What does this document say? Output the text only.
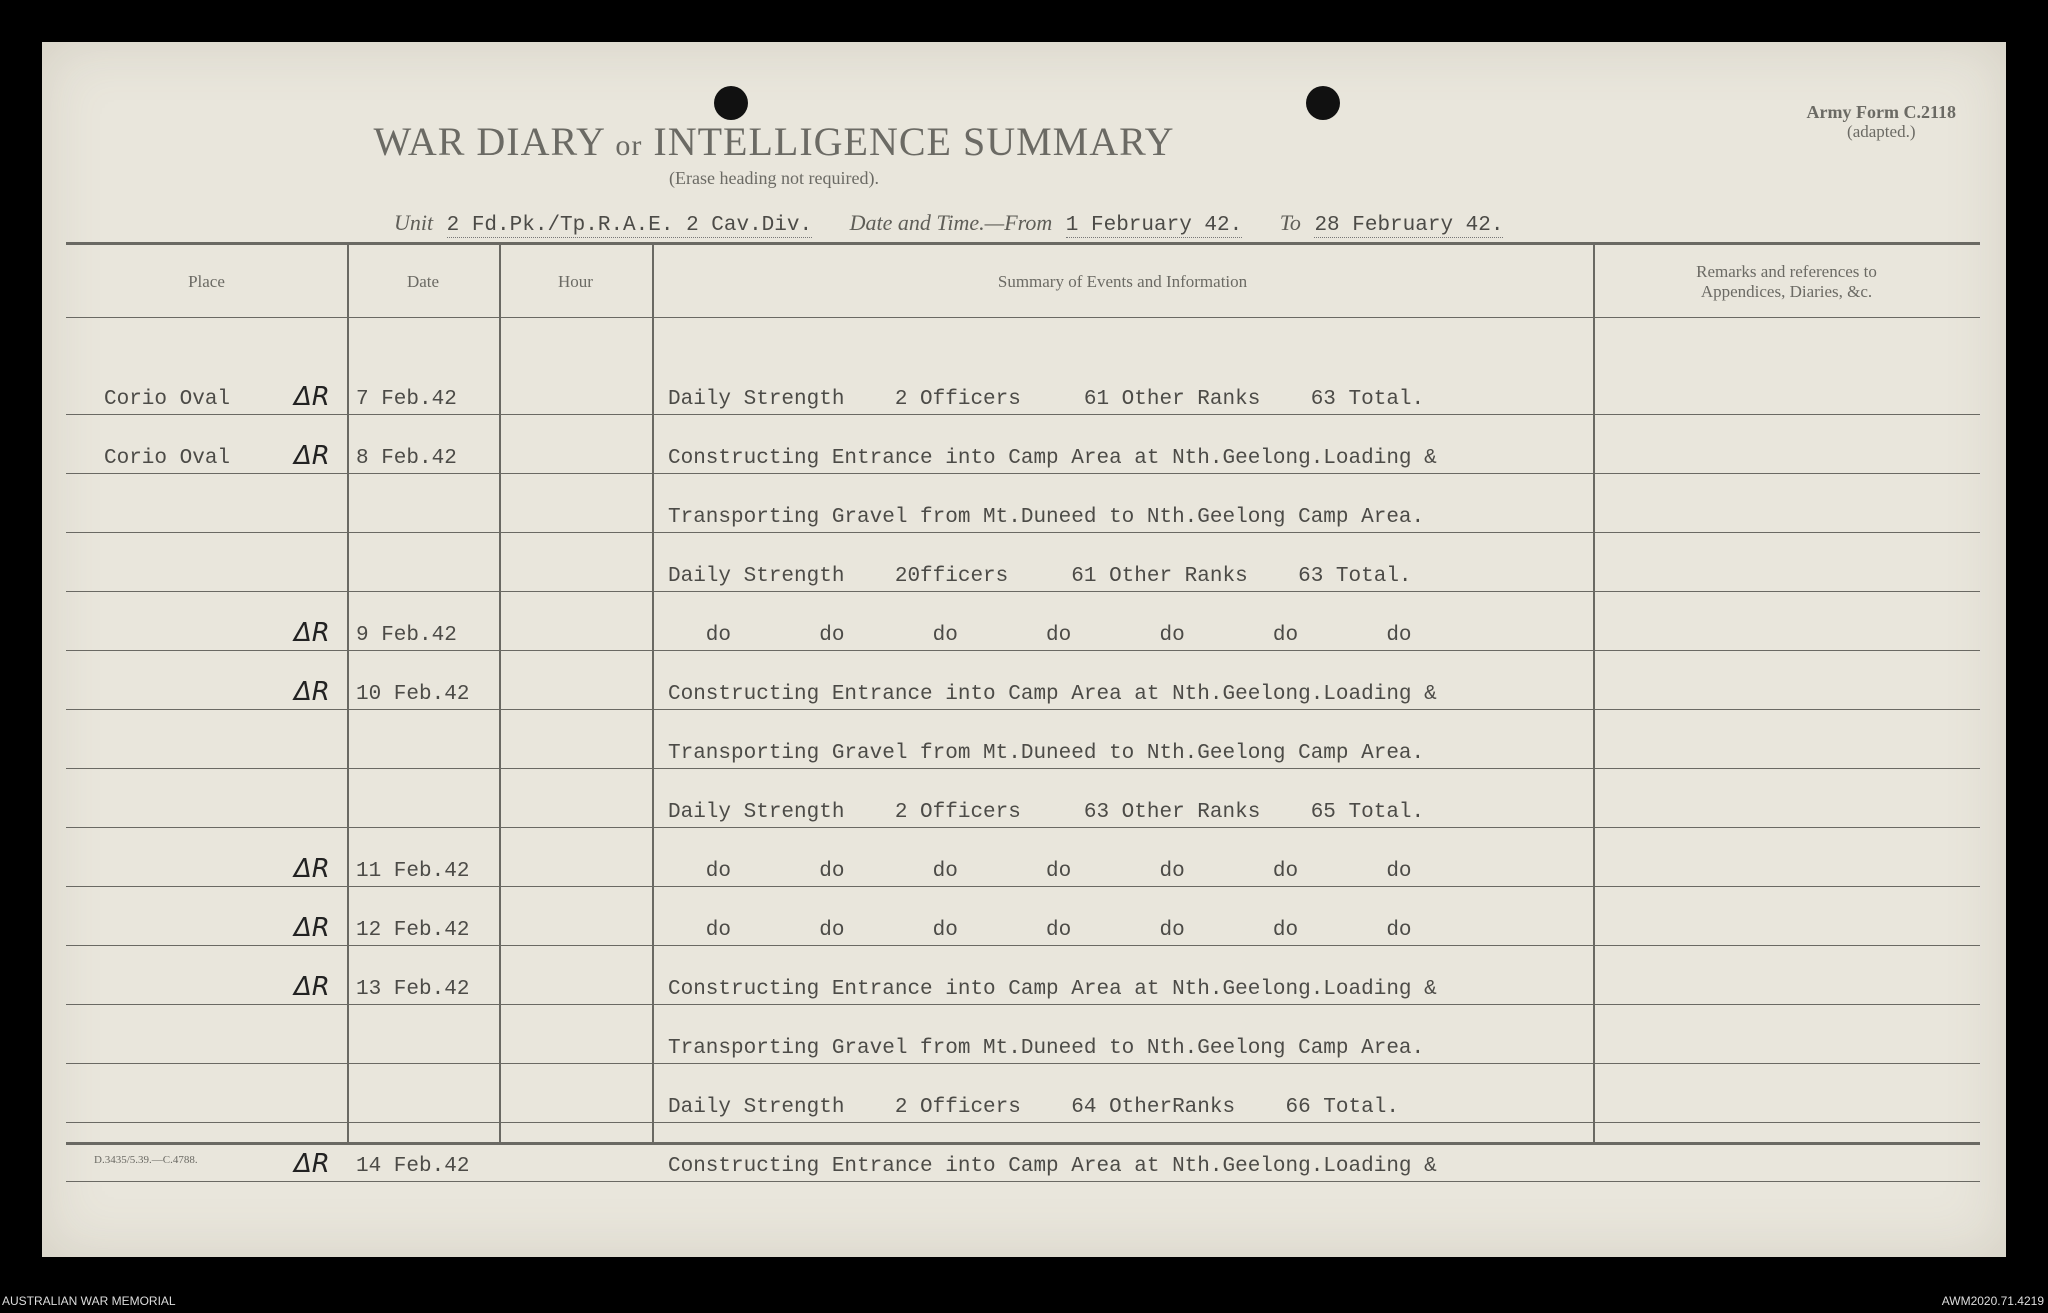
WAR DIARY or INTELLIGENCE SUMMARY
(Erase heading not required).
Army Form C.2118
(adapted.)
Unit 2 Fd.Pk./Tp.R.A.E. 2 Cav.Div. Date and Time.—From 1 February 42. To 28 February 42.
Place	Date	Hour	Summary of Events and Information
Remarks and references to
Appendices, Diaries, &c.
Corio Oval ΔR 7 Feb.42	Daily Strength    2 Officers     61 Other Ranks    63 Total.
Corio Oval ΔR 8 Feb.42	Constructing Entrance into Camp Area at Nth.Geelong.Loading &
Transporting Gravel from Mt.Duneed to Nth.Geelong Camp Area.
Daily Strength    20fficers     61 Other Ranks    63 Total.
ΔR 9 Feb.42	do       do       do       do       do       do       do
ΔR 10 Feb.42	Constructing Entrance into Camp Area at Nth.Geelong.Loading &
Transporting Gravel from Mt.Duneed to Nth.Geelong Camp Area.
Daily Strength    2 Officers     63 Other Ranks    65 Total.
ΔR 11 Feb.42	do       do       do       do       do       do       do
ΔR 12 Feb.42	do       do       do       do       do       do       do
ΔR 13 Feb.42	Constructing Entrance into Camp Area at Nth.Geelong.Loading &
Transporting Gravel from Mt.Duneed to Nth.Geelong Camp Area.
Daily Strength    2 Officers    64 OtherRanks    66 Total.
ΔR 14 Feb.42	Constructing Entrance into Camp Area at Nth.Geelong.Loading &
D.3435/5.39.—C.4788.
AUSTRALIAN WAR MEMORIAL	AWM2020.71.4219
